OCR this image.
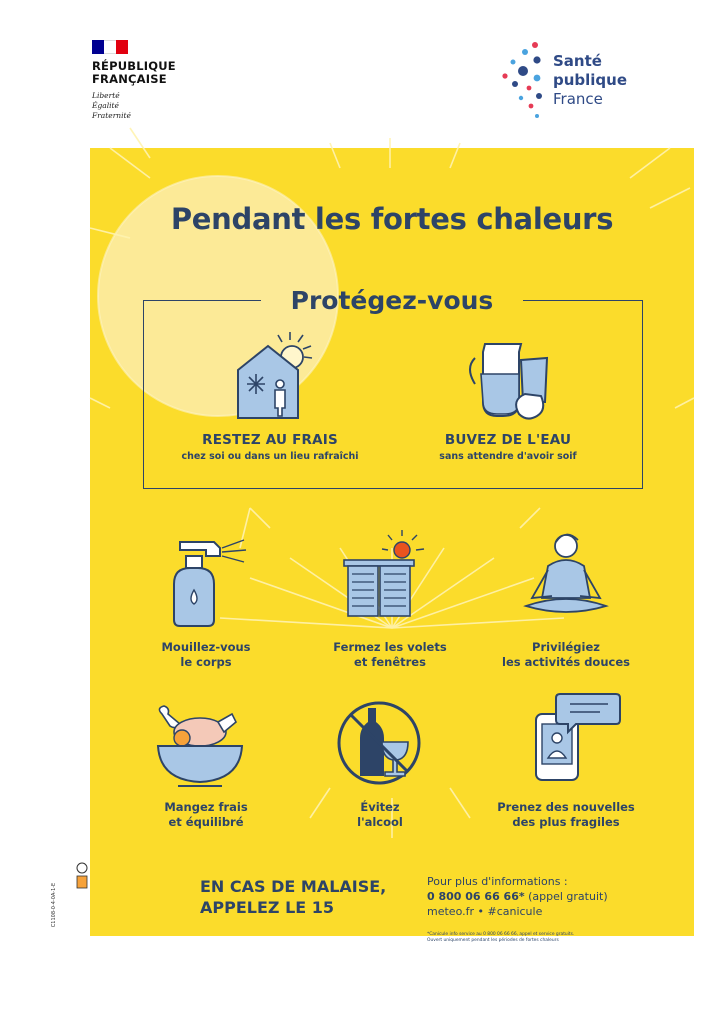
RÉPUBLIQUE
FRANÇAISE
Liberté
Égalité
Fraternité
Santé
publique
France
Pendant les fortes chaleurs
Protégez-vous
RESTEZ AU FRAIS
chez soi ou dans un lieu rafraîchi
BUVEZ DE L'EAU
sans attendre d'avoir soif
Mouillez-vous
le corps
Fermez les volets
et fenêtres
Privilégiez
les activités douces
Mangez frais
et équilibré
Évitez
l'alcool
Prenez des nouvelles
des plus fragiles
EN CAS DE MALAISE,
APPELEZ LE 15
Pour plus d'informations :
0 800 06 66 66* (appel gratuit)
meteo.fr • #canicule
*Canicule info service au 0 800 06 66 66, appel et service gratuits. Ouvert uniquement pendant les périodes de fortes chaleurs
C1108-0-4-0A-1-E
